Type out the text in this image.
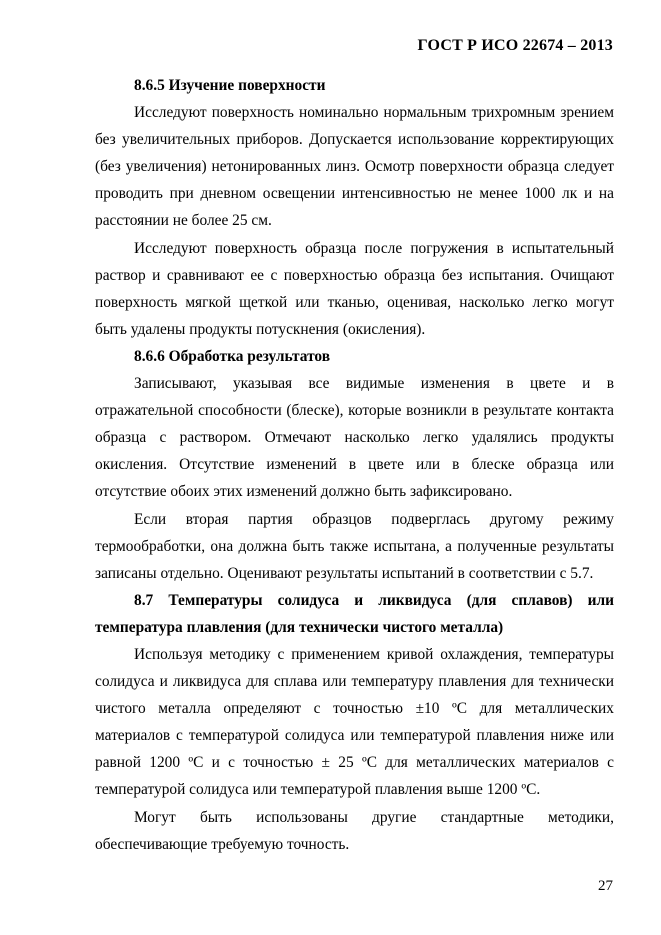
ГОСТ Р ИСО 22674 – 2013

8.6.5 Изучение поверхности

Исследуют поверхность номинально нормальным трихромным зрением без увеличительных приборов. Допускается использование корректирующих (без увеличения) нетонированных линз. Осмотр поверхности образца следует проводить при дневном освещении интенсивностью не менее 1000 лк и на расстоянии не более 25 см.

Исследуют поверхность образца после погружения в испытательный раствор и сравнивают ее с поверхностью образца без испытания. Очищают поверхность мягкой щеткой или тканью, оценивая, насколько легко могут быть удалены продукты потускнения (окисления).

8.6.6 Обработка результатов

Записывают, указывая все видимые изменения в цвете и в отражательной способности (блеске), которые возникли в результате контакта образца с раствором. Отмечают насколько легко удалялись продукты окисления. Отсутствие изменений в цвете или в блеске образца или отсутствие обоих этих изменений должно быть зафиксировано.

Если вторая партия образцов подверглась другому режиму термообработки, она должна быть также испытана, а полученные результаты записаны отдельно. Оценивают результаты испытаний в соответствии с 5.7.

8.7 Температуры солидуса и ликвидуса (для сплавов) или температура плавления (для технически чистого металла)

Используя методику с применением кривой охлаждения, температуры солидуса и ликвидуса для сплава или температуру плавления для технически чистого металла определяют с точностью ±10 ºС для металлических материалов с температурой солидуса или температурой плавления ниже или равной 1200 ºС и с точностью ± 25 ºС для металлических материалов с температурой солидуса или температурой плавления выше 1200 ºС.

Могут быть использованы другие стандартные методики, обеспечивающие требуемую точность.

27
